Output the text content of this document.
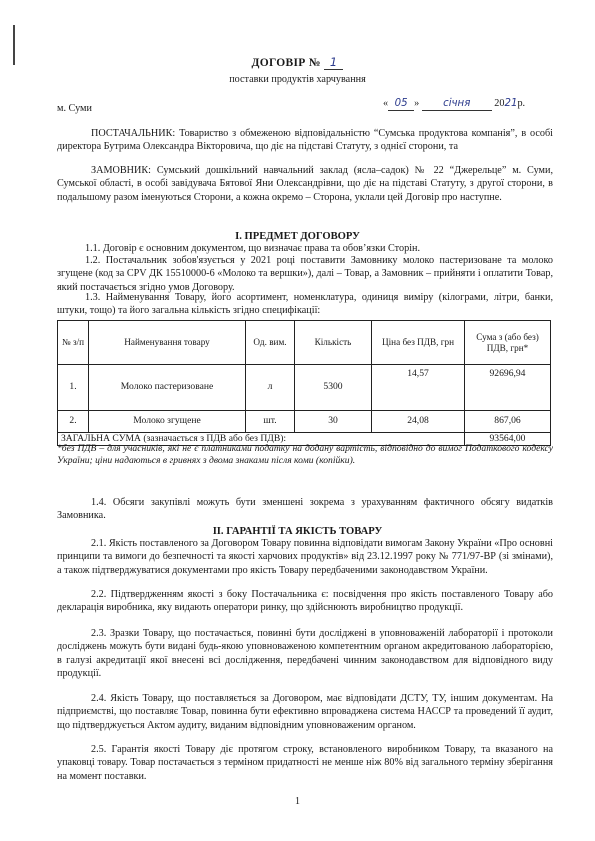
ДОГОВІР № 1
поставки продуктів харчування
м. Суми	« 05 » січня 2021р.
ПОСТАЧАЛЬНИК: Товариство з обмеженою відповідальністю “Сумська продуктова компанія”, в особі директора Бутрима Олександра Вікторовича, що діє на підставі Статуту, з однієї сторони, та
ЗАМОВНИК: Сумський дошкільний навчальний заклад (ясла–садок) № 22 “Джерельце” м. Суми, Сумської області, в особі завідувача Бятової Яни Олександрівни, що діє на підставі Статуту, з другої сторони, в подальшому разом іменуються Сторони, а кожна окремо – Сторона, уклали цей Договір про наступне.
I. ПРЕДМЕТ ДОГОВОРУ
1.1. Договір є основним документом, що визначає права та обов’язки Сторін.
1.2. Постачальник зобов'язується у 2021 році поставити Замовнику молоко пастеризоване та молоко згущене (код за СРV ДК 15510000-6 «Молоко та вершки»), далі – Товар, а Замовник – прийняти і оплатити Товар, який постачається згідно умов Договору.
1.3. Найменування Товару, його асортимент, номенклатура, одиниця виміру (кілограми, літри, банки, штуки, тощо) та його загальна кількість згідно специфікації:
№ з/п	Найменування товару	Од. вим.	Кількість	Ціна без ПДВ, грн	Сума з (або без) ПДВ, грн*
1.	Молоко пастеризоване	л	5300	14,57	92696,94
2.	Молоко згущене	шт.	30	24,08	867,06
ЗАГАЛЬНА СУМА (зазначається з ПДВ або без ПДВ):					93564,00
*без ПДВ – для учасників, які не є платниками податку на додану вартість, відповідно до вимог Податкового кодексу України; ціни надаються в гривнях з двома знаками після коми (копійки).
1.4. Обсяги закупівлі можуть бути зменшені зокрема з урахуванням фактичного обсягу видатків Замовника.
II. ГАРАНТІЇ ТА ЯКІСТЬ ТОВАРУ
2.1. Якість поставленого за Договором Товару повинна відповідати вимогам Закону України «Про основні принципи та вимоги до безпечності та якості харчових продуктів» від 23.12.1997 року № 771/97-ВР (зі змінами), а також підтверджуватися документами про якість Товару передбаченими законодавством України.
2.2. Підтвердженням якості з боку Постачальника є: посвідчення про якість поставленого Товару або декларація виробника, яку видають оператори ринку, що здійснюють виробництво продукції.
2.3. Зразки Товару, що постачається, повинні бути досліджені в уповноваженій лабораторії і протоколи досліджень можуть бути видані будь-якою уповноваженою компетентним органом акредитованою лабораторією, в галузі акредитації якої внесені всі дослідження, передбачені чинним законодавством для відповідного виду продукції.
2.4. Якість Товару, що поставляється за Договором, має відповідати ДСТУ, ТУ, іншим документам. На підприємстві, що поставляє Товар, повинна бути ефективно впроваджена система НАССР та проведений її аудит, що підтверджується Актом аудиту, виданим відповідним уповноваженим органом.
2.5. Гарантія якості Товару діє протягом строку, встановленого виробником Товару, та вказаного на упаковці товару. Товар постачається з терміном придатності не менше ніж 80% від загального терміну зберігання на момент поставки.
1
